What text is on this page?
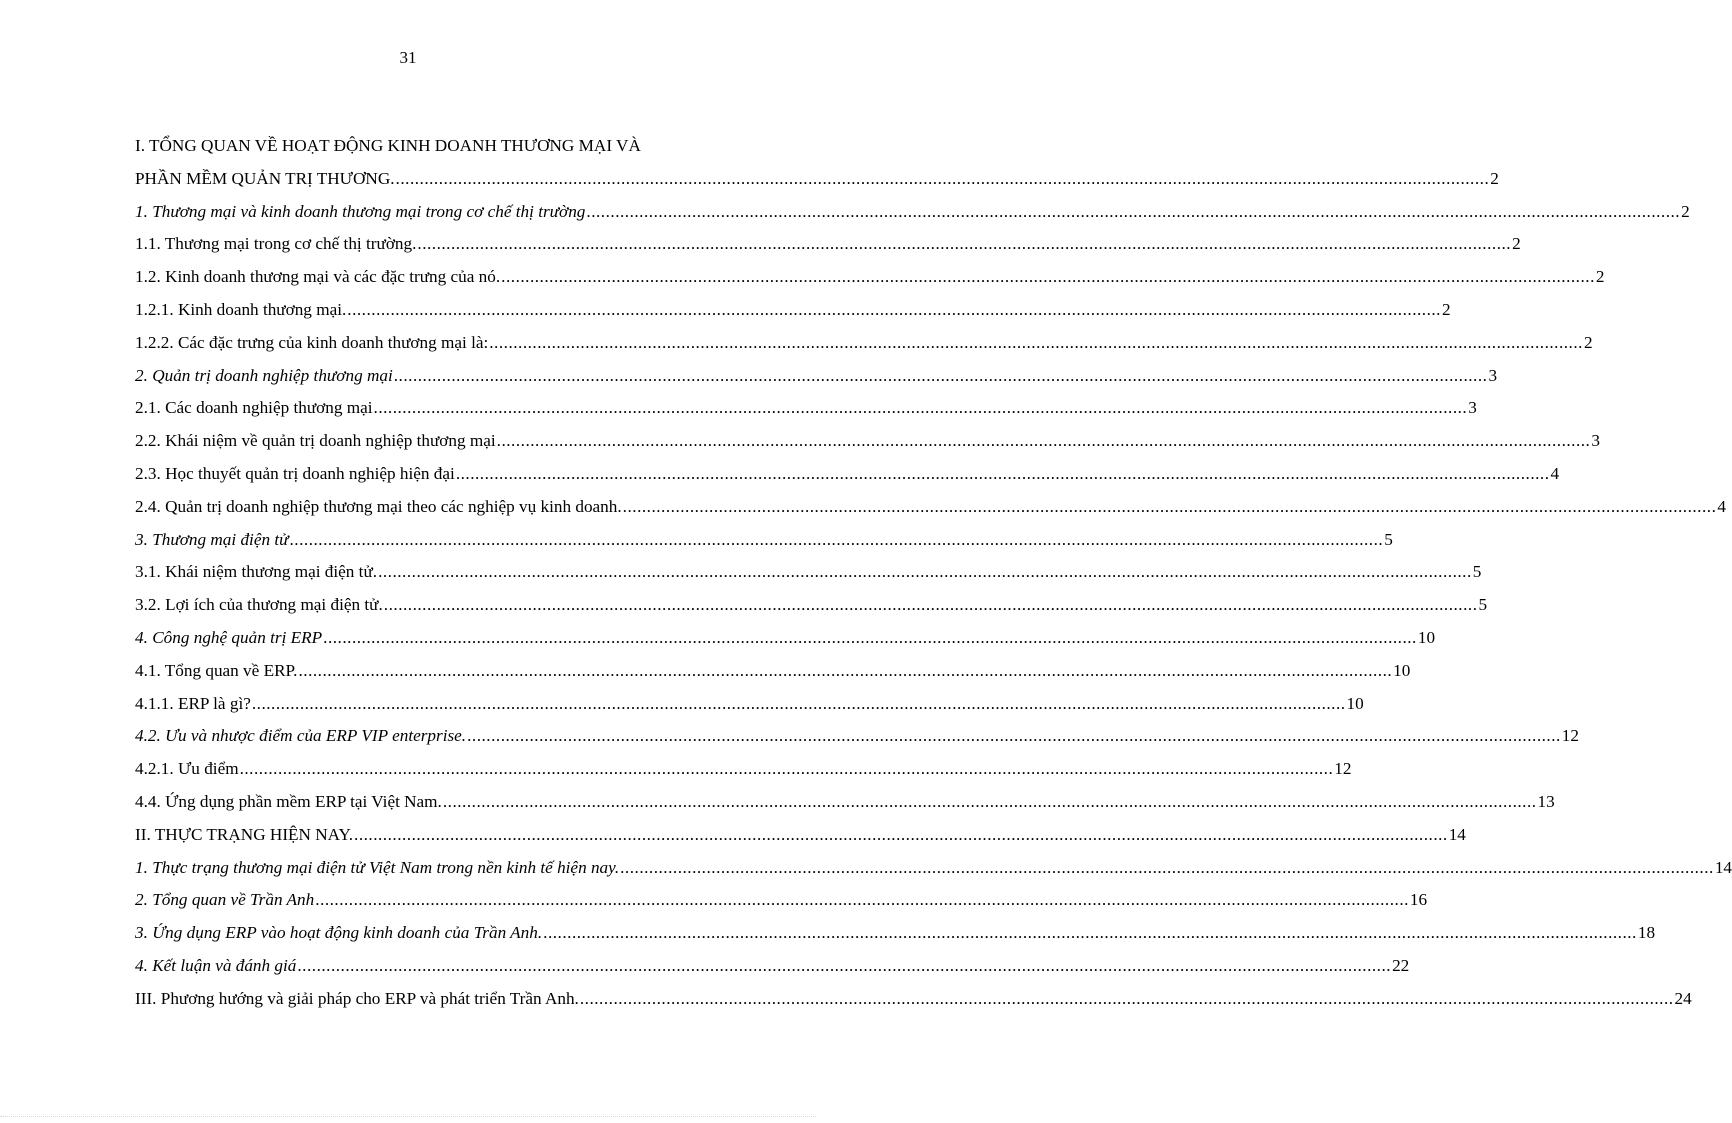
31
I. TỔNG QUAN VỀ HOẠT ĐỘNG KINH DOANH THƯƠNG MẠI VÀ
PHẦN MỀM QUẢN TRỊ THƯƠNG. .....	2
1. Thương mại và kinh doanh thương mại trong cơ chế thị trường .....	2
1.1. Thương mại trong cơ chế thị trường. .....	2
1.2. Kinh doanh thương mại và các đặc trưng của nó. .....	2
1.2.1. Kinh doanh thương mại. .....	2
1.2.2. Các đặc trưng của kinh doanh thương mại là: .....	2
2. Quản trị doanh nghiệp thương mại .....	3
2.1. Các doanh nghiệp thương mại .....	3
2.2. Khái niệm về quản trị doanh nghiệp thương mại .....	3
2.3. Học thuyết quản trị doanh nghiệp hiện đại .....	4
2.4. Quản trị doanh nghiệp thương mại theo các nghiệp vụ kinh doanh. .....	4
3. Thương mại điện tử .....	5
3.1. Khái niệm thương mại điện tử. .....	5
3.2. Lợi ích của thương mại điện tử. .....	5
4. Công nghệ quản trị ERP .....	10
4.1. Tổng quan về ERP. .....	10
4.1.1. ERP là gì? .....	10
4.2. Ưu và nhược điểm của ERP VIP enterprise. .....	12
4.2.1. Ưu điểm .....	12
4.4. Ứng dụng phần mềm ERP tại Việt Nam. .....	13
II. THỰC TRẠNG HIỆN NAY. .....	14
1. Thực trạng thương mại điện tử Việt Nam trong nền kinh tế hiện nay. .....	14
2. Tổng quan về Trần Anh .....	16
3. Ứng dụng ERP vào hoạt động kinh doanh của Trần Anh. .....	18
4. Kết luận và đánh giá .....	22
III. Phương hướng và giải pháp cho ERP và phát triển Trần Anh. .....	24
